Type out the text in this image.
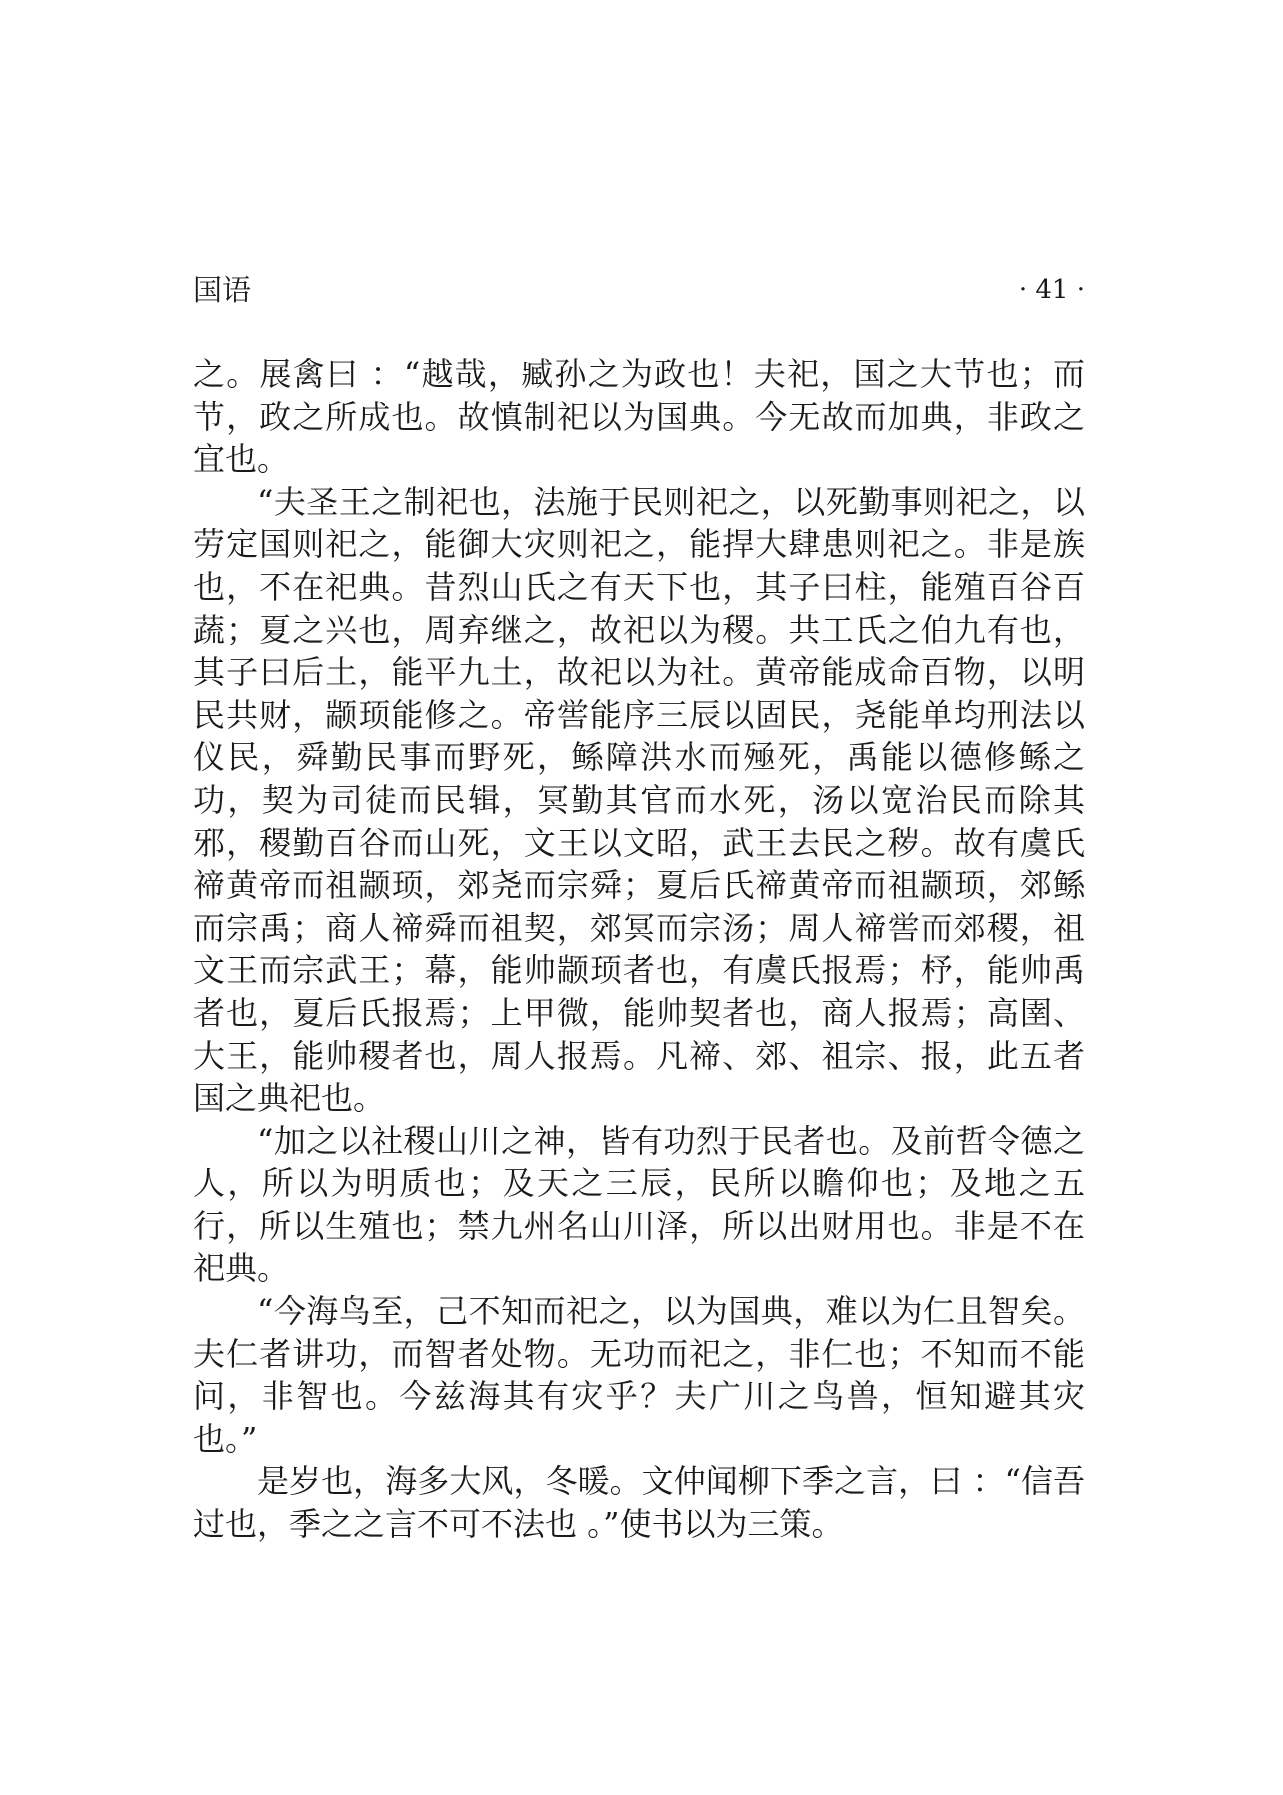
国语	· 41 ·

之。展禽曰 ：“越哉，臧孙之为政也！夫祀，国之大节也；而节，政之所成也。故慎制祀以为国典。今无故而加典，非政之宜也。

“夫圣王之制祀也，法施于民则祀之，以死勤事则祀之，以劳定国则祀之，能御大灾则祀之，能捍大肆患则祀之。非是族也，不在祀典。昔烈山氏之有天下也，其子曰柱，能殖百谷百蔬；夏之兴也，周弃继之，故祀以为稷。共工氏之伯九有也，其子曰后土，能平九土，故祀以为社。黄帝能成命百物，以明民共财，颛顼能修之。帝喾能序三辰以固民，尧能单均刑法以仪民，舜勤民事而野死，鲧障洪水而殛死，禹能以德修鲧之功，契为司徒而民辑，冥勤其官而水死，汤以宽治民而除其邪，稷勤百谷而山死，文王以文昭，武王去民之秽。故有虞氏禘黄帝而祖颛顼，郊尧而宗舜；夏后氏禘黄帝而祖颛顼，郊鲧而宗禹；商人禘舜而祖契，郊冥而宗汤；周人禘喾而郊稷，祖文王而宗武王；幕，能帅颛顼者也，有虞氏报焉；杼，能帅禹者也，夏后氏报焉；上甲微，能帅契者也，商人报焉；高圉、大王，能帅稷者也，周人报焉。凡禘、郊、祖宗、报，此五者国之典祀也。

“加之以社稷山川之神，皆有功烈于民者也。及前哲令德之人，所以为明质也；及天之三辰，民所以瞻仰也；及地之五行，所以生殖也；禁九州名山川泽，所以出财用也。非是不在祀典。

“今海鸟至，己不知而祀之，以为国典，难以为仁且智矣。夫仁者讲功，而智者处物。无功而祀之，非仁也；不知而不能问，非智也。今兹海其有灾乎？夫广川之鸟兽，恒知避其灾也。”

是岁也，海多大风，冬暖。文仲闻柳下季之言，曰 ：“信吾过也，季之之言不可不法也 。”使书以为三策。
